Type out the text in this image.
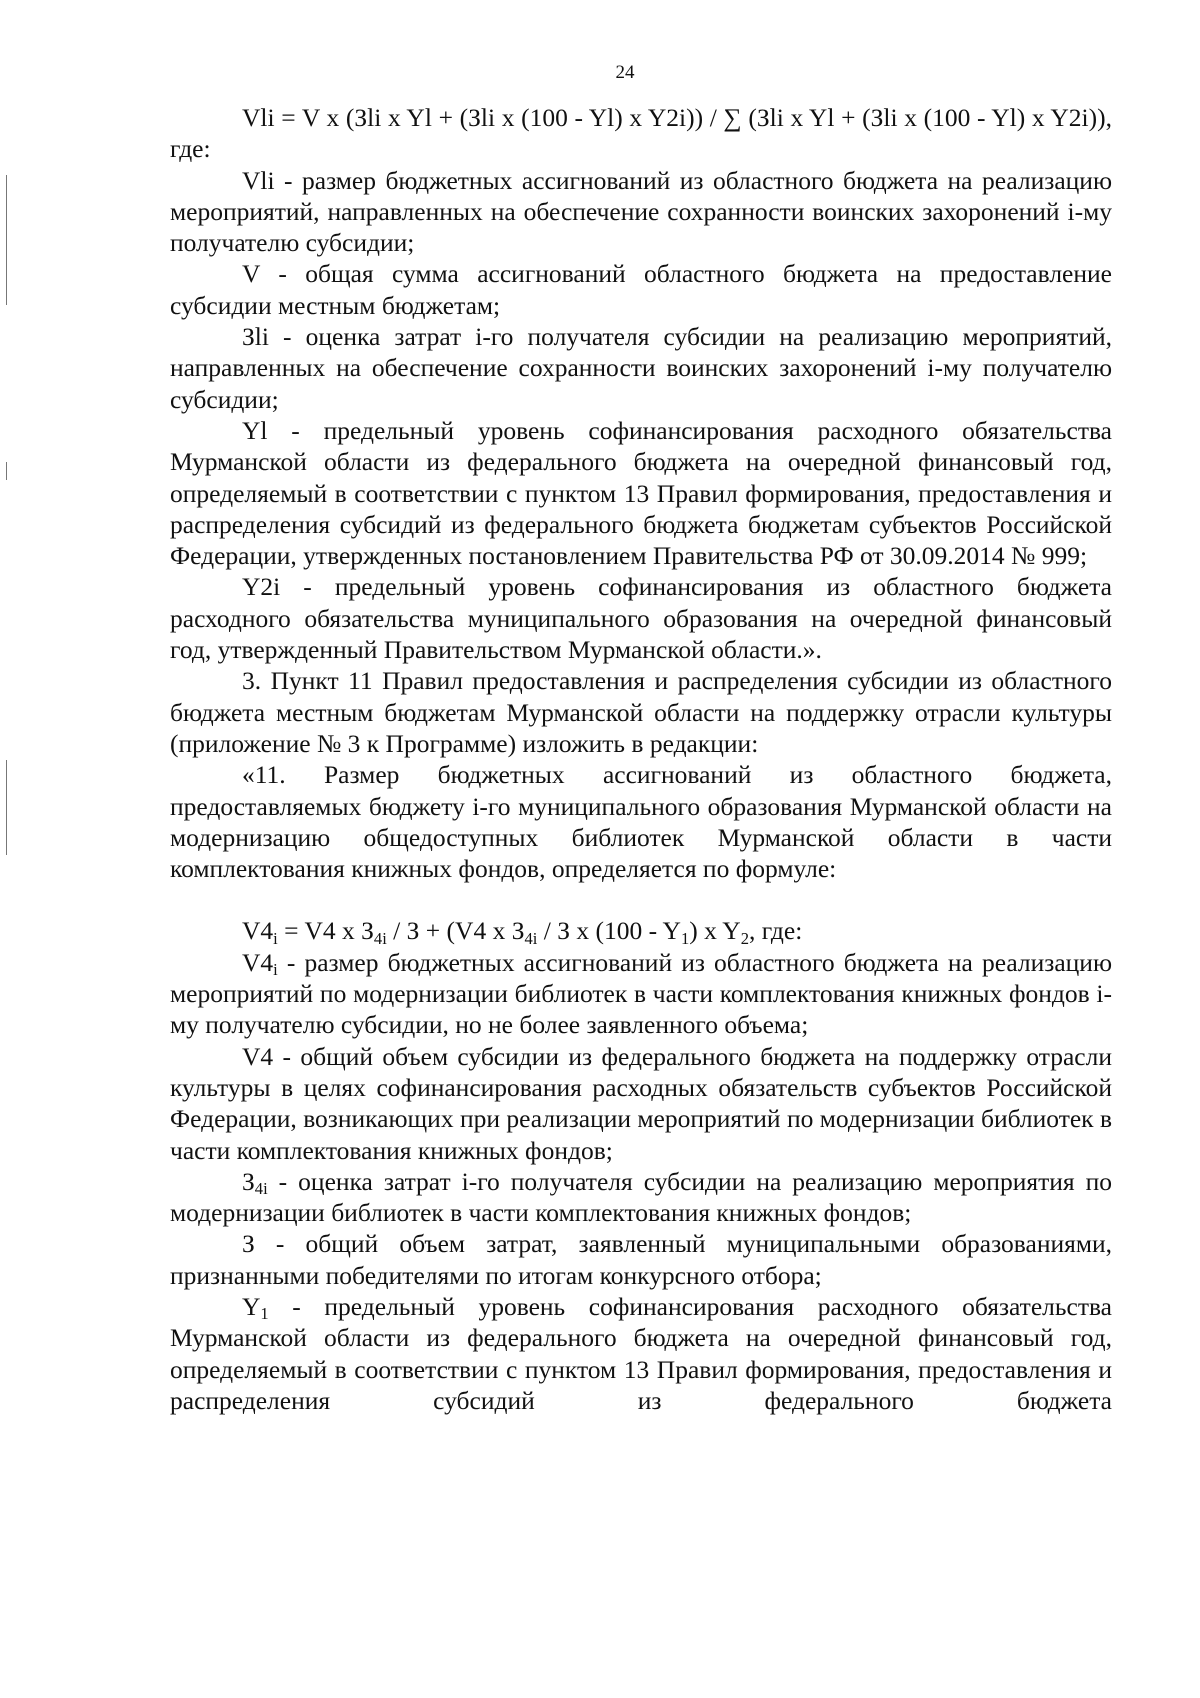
24

Vli = V x (Зli x Yl + (Зli x (100 - Yl) x Y2i)) / ∑ (Зli x Yl + (Зli x (100 - Yl) x Y2i)), где:

Vli - размер бюджетных ассигнований из областного бюджета на реализацию мероприятий, направленных на обеспечение сохранности воинских захоронений i-му получателю субсидии;

V - общая сумма ассигнований областного бюджета на предоставление субсидии местным бюджетам;

Зli - оценка затрат i-го получателя субсидии на реализацию мероприятий, направленных на обеспечение сохранности воинских захоронений i-му получателю субсидии;

Yl - предельный уровень софинансирования расходного обязательства Мурманской области из федерального бюджета на очередной финансовый год, определяемый в соответствии с пунктом 13 Правил формирования, предоставления и распределения субсидий из федерального бюджета бюджетам субъектов Российской Федерации, утвержденных постановлением Правительства РФ от 30.09.2014 № 999;

Y2i - предельный уровень софинансирования из областного бюджета расходного обязательства муниципального образования на очередной финансовый год, утвержденный Правительством Мурманской области.».

3. Пункт 11 Правил предоставления и распределения субсидии из областного бюджета местным бюджетам Мурманской области на поддержку отрасли культуры (приложение № 3 к Программе) изложить в редакции:

«11. Размер бюджетных ассигнований из областного бюджета, предоставляемых бюджету i-го муниципального образования Мурманской области на модернизацию общедоступных библиотек Мурманской области в части комплектования книжных фондов, определяется по формуле:

$V4_i = V4$ x $З_{4i} / З + (V4$ x $З_{4i}$ / З x $(100 - Y_1)$ x $Y_2$, где:

$V4_i$ - размер бюджетных ассигнований из областного бюджета на реализацию мероприятий по модернизации библиотек в части комплектования книжных фондов i-му получателю субсидии, но не более заявленного объема;

V4 - общий объем субсидии из федерального бюджета на поддержку отрасли культуры в целях софинансирования расходных обязательств субъектов Российской Федерации, возникающих при реализации мероприятий по модернизации библиотек в части комплектования книжных фондов;

$З_{4i}$ - оценка затрат i-го получателя субсидии на реализацию мероприятия по модернизации библиотек в части комплектования книжных фондов;

З - общий объем затрат, заявленный муниципальными образованиями, признанными победителями по итогам конкурсного отбора;

$Y_1$ - предельный уровень софинансирования расходного обязательства Мурманской области из федерального бюджета на очередной финансовый год, определяемый в соответствии с пунктом 13 Правил формирования, предоставления и распределения субсидий из федерального бюджета
